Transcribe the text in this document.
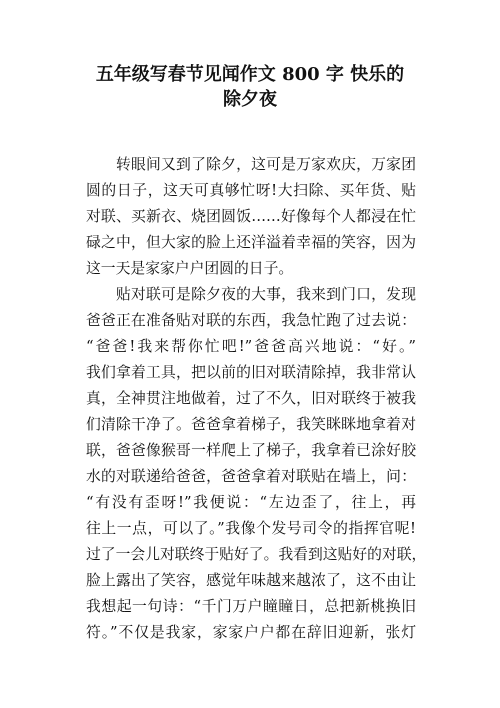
五年级写春节见闻作文 800 字 快乐的
除夕夜
　　转眼间又到了除夕，这可是万家欢庆，万家团
圆的日子，这天可真够忙呀!大扫除、买年货、贴
对联、买新衣、烧团圆饭……好像每个人都浸在忙
碌之中，但大家的脸上还洋溢着幸福的笑容，因为
这一天是家家户户团圆的日子。
　　贴对联可是除夕夜的大事，我来到门口，发现
爸爸正在准备贴对联的东西，我急忙跑了过去说：
“爸爸!我来帮你忙吧!”爸爸高兴地说：“好。”
我们拿着工具，把以前的旧对联清除掉，我非常认
真，全神贯注地做着，过了不久，旧对联终于被我
们清除干净了。爸爸拿着梯子，我笑眯眯地拿着对
联，爸爸像猴哥一样爬上了梯子，我拿着已涂好胶
水的对联递给爸爸，爸爸拿着对联贴在墙上，问：
“有没有歪呀!”我便说：“左边歪了，往上，再
往上一点，可以了。”我像个发号司令的指挥官呢!
过了一会儿对联终于贴好了。我看到这贴好的对联，
脸上露出了笑容，感觉年味越来越浓了，这不由让
我想起一句诗：“千门万户瞳瞳日，总把新桃换旧
符。”不仅是我家，家家户户都在辞旧迎新，张灯
